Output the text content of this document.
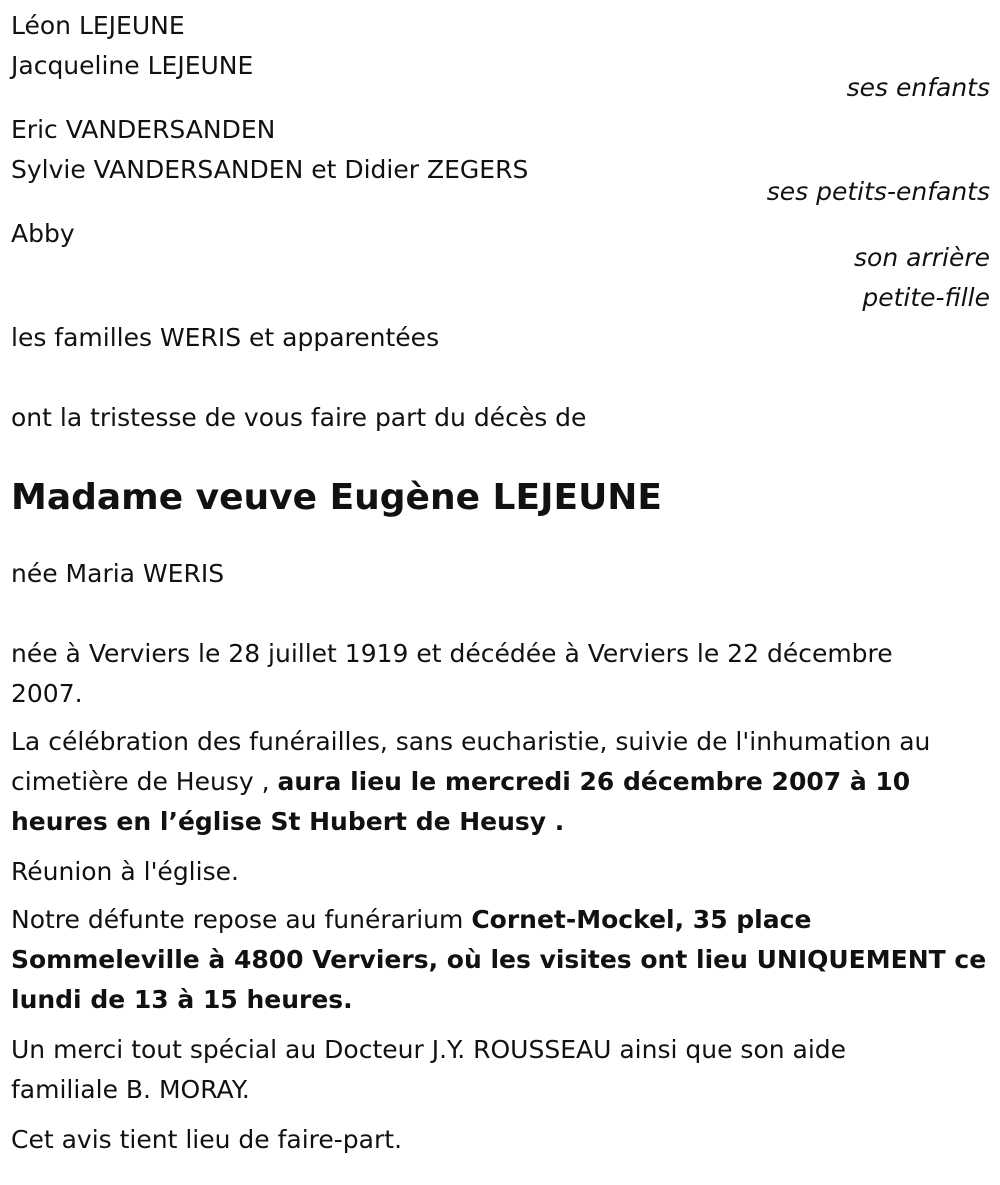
Léon LEJEUNE

Jacqueline LEJEUNE

ses enfants

Eric VANDERSANDEN

Sylvie VANDERSANDEN et Didier ZEGERS

ses petits-enfants

Abby

son arrière

petite-fille

les familles WERIS et apparentées

ont la tristesse de vous faire part du décès de

Madame veuve Eugène LEJEUNE

née Maria WERIS

née à Verviers le 28 juillet 1919 et décédée à Verviers le 22 décembre

2007.

La célébration des funérailles, sans eucharistie, suivie de l'inhumation au

cimetière de Heusy , aura lieu le mercredi 26 décembre 2007 à 10

heures en l’église St Hubert de Heusy .

Réunion à l'église.

Notre défunte repose au funérarium Cornet-Mockel, 35 place

Sommeleville à 4800 Verviers, où les visites ont lieu UNIQUEMENT ce

lundi de 13 à 15 heures.

Un merci tout spécial au Docteur J.Y. ROUSSEAU ainsi que son aide

familiale B. MORAY.

Cet avis tient lieu de faire-part.
